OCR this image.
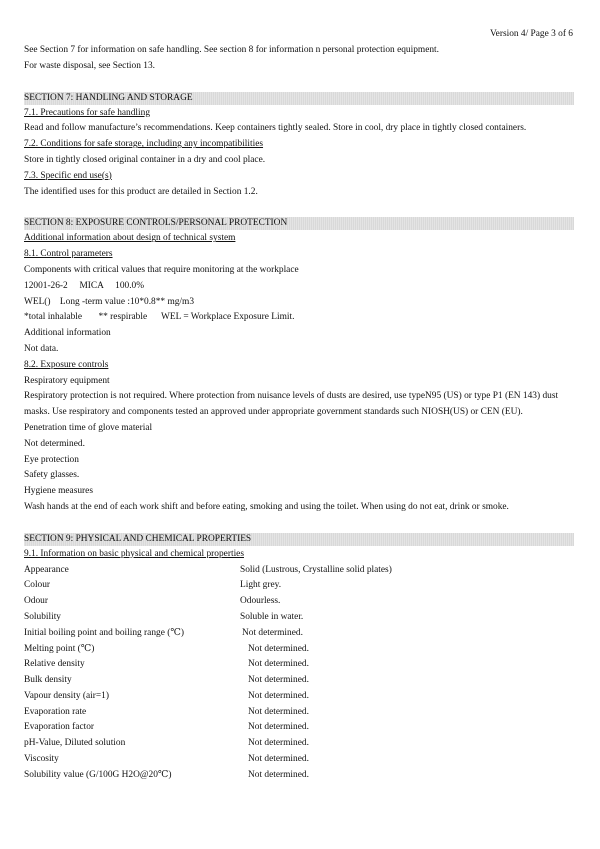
Version 4/ Page 3 of 6
See Section 7 for information on safe handling. See section 8 for information n personal protection equipment.
For waste disposal, see Section 13.
SECTION 7: HANDLING AND STORAGE
7.1. Precautions for safe handling
Read and follow manufacture’s recommendations. Keep containers tightly sealed. Store in cool, dry place in tightly closed containers.
7.2. Conditions for safe storage, including any incompatibilities
Store in tightly closed original container in a dry and cool place.
7.3. Specific end use(s)
The identified uses for this product are detailed in Section 1.2.
SECTION 8: EXPOSURE CONTROLS/PERSONAL PROTECTION
Additional information about design of technical system
8.1. Control parameters
Components with critical values that require monitoring at the workplace
12001-26-2     MICA     100.0%
WEL()    Long -term value :10*0.8** mg/m3
*total inhalable       ** respirable      WEL = Workplace Exposure Limit.
Additional information
Not data.
8.2. Exposure controls
Respiratory equipment
Respiratory protection is not required. Where protection from nuisance levels of dusts are desired, use typeN95 (US) or type P1 (EN 143) dust masks. Use respiratory and components tested an approved under appropriate government standards such NIOSH(US) or CEN (EU).
Penetration time of glove material
Not determined.
Eye protection
Safety glasses.
Hygiene measures
Wash hands at the end of each work shift and before eating, smoking and using the toilet. When using do not eat, drink or smoke.
SECTION 9: PHYSICAL AND CHEMICAL PROPERTIES
9.1. Information on basic physical and chemical properties
Appearance	Solid (Lustrous, Crystalline solid plates)
Colour	Light grey.
Odour	Odourless.
Solubility	Soluble in water.
Initial boiling point and boiling range (℃)	Not determined.
Melting point (℃)	Not determined.
Relative density	Not determined.
Bulk density	Not determined.
Vapour density (air=1)	Not determined.
Evaporation rate	Not determined.
Evaporation factor	Not determined.
pH-Value, Diluted solution	Not determined.
Viscosity	Not determined.
Solubility value (G/100G H2O@20℃)	Not determined.
